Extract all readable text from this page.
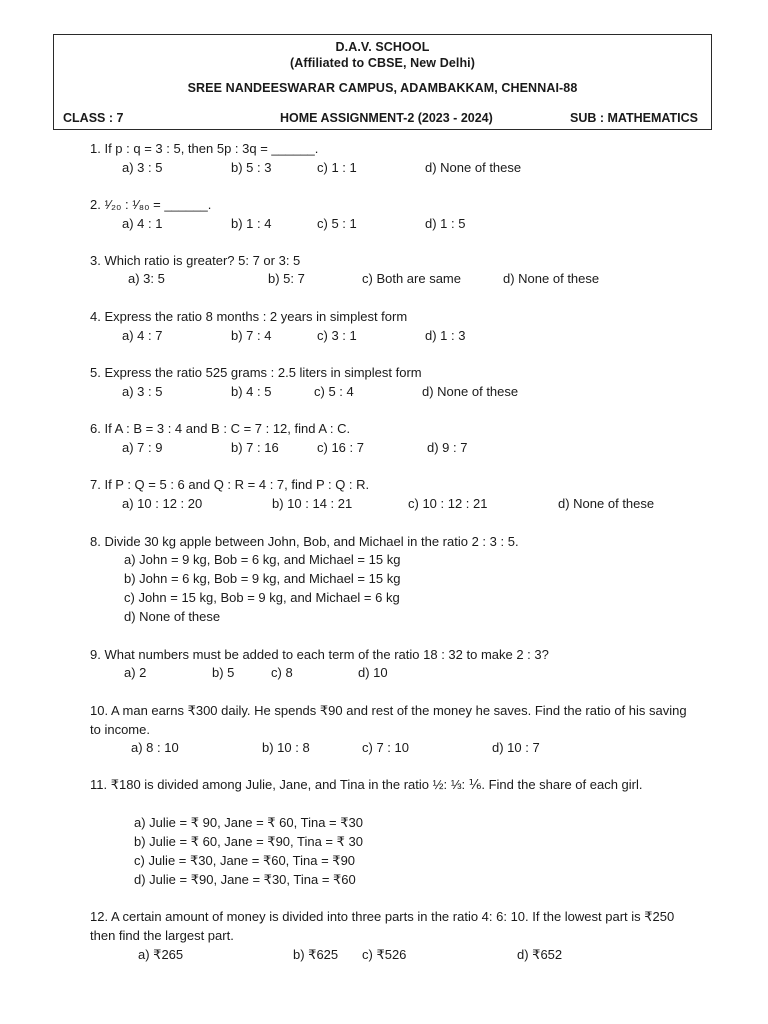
D.A.V. SCHOOL
(Affiliated to CBSE, New Delhi)
SREE NANDEESWARAR CAMPUS, ADAMBAKKAM, CHENNAI-88
CLASS : 7	HOME ASSIGNMENT-2 (2023 - 2024)	SUB : MATHEMATICS
1. If p : q = 3 : 5, then 5p : 3q = ______.
a) 3 : 5	b) 5 : 3	c) 1 : 1	d) None of these
2. ¹⁄₂₀ : ¹⁄₈₀ = ______.
a) 4 : 1	b) 1 : 4	c) 5 : 1	d) 1 : 5
3. Which ratio is greater? 5: 7 or 3: 5
a) 3: 5	b) 5: 7	c) Both are same	d) None of these
4. Express the ratio 8 months : 2 years in simplest form
a) 4 : 7	b) 7 : 4	c) 3 : 1	d) 1 : 3
5. Express the ratio 525 grams : 2.5 liters in simplest form
a) 3 : 5	b) 4 : 5	c) 5 : 4	d) None of these
6. If A : B = 3 : 4 and B : C = 7 : 12, find A : C.
a) 7 : 9	b) 7 : 16	c) 16 : 7	d) 9 : 7
7. If P : Q = 5 : 6 and Q : R = 4 : 7, find P : Q : R.
a) 10 : 12 : 20	b) 10 : 14 : 21	c) 10 : 12 : 21	d) None of these
8. Divide 30 kg apple between John, Bob, and Michael in the ratio 2 : 3 : 5.
a) John = 9 kg, Bob = 6 kg, and Michael = 15 kg
b) John = 6 kg, Bob = 9 kg, and Michael = 15 kg
c) John = 15 kg, Bob = 9 kg, and Michael = 6 kg
d) None of these
9. What numbers must be added to each term of the ratio 18 : 32 to make 2 : 3?
a) 2	b) 5	c) 8	d) 10
10. A man earns ₹300 daily. He spends ₹90 and rest of the money he saves. Find the ratio of his saving to income.
a) 8 : 10	b) 10 : 8	c) 7 : 10	d) 10 : 7
11. ₹180 is divided among Julie, Jane, and Tina in the ratio ½: ⅓: ⅙. Find the share of each girl.
a) Julie = ₹ 90, Jane = ₹ 60, Tina = ₹30
b) Julie = ₹ 60, Jane = ₹90, Tina = ₹ 30
c) Julie = ₹30, Jane = ₹60, Tina = ₹90
d) Julie = ₹90, Jane = ₹30, Tina = ₹60
12. A certain amount of money is divided into three parts in the ratio 4: 6: 10. If the lowest part is ₹250 then find the largest part.
a) ₹265	b) ₹625 c) ₹526	d) ₹652
